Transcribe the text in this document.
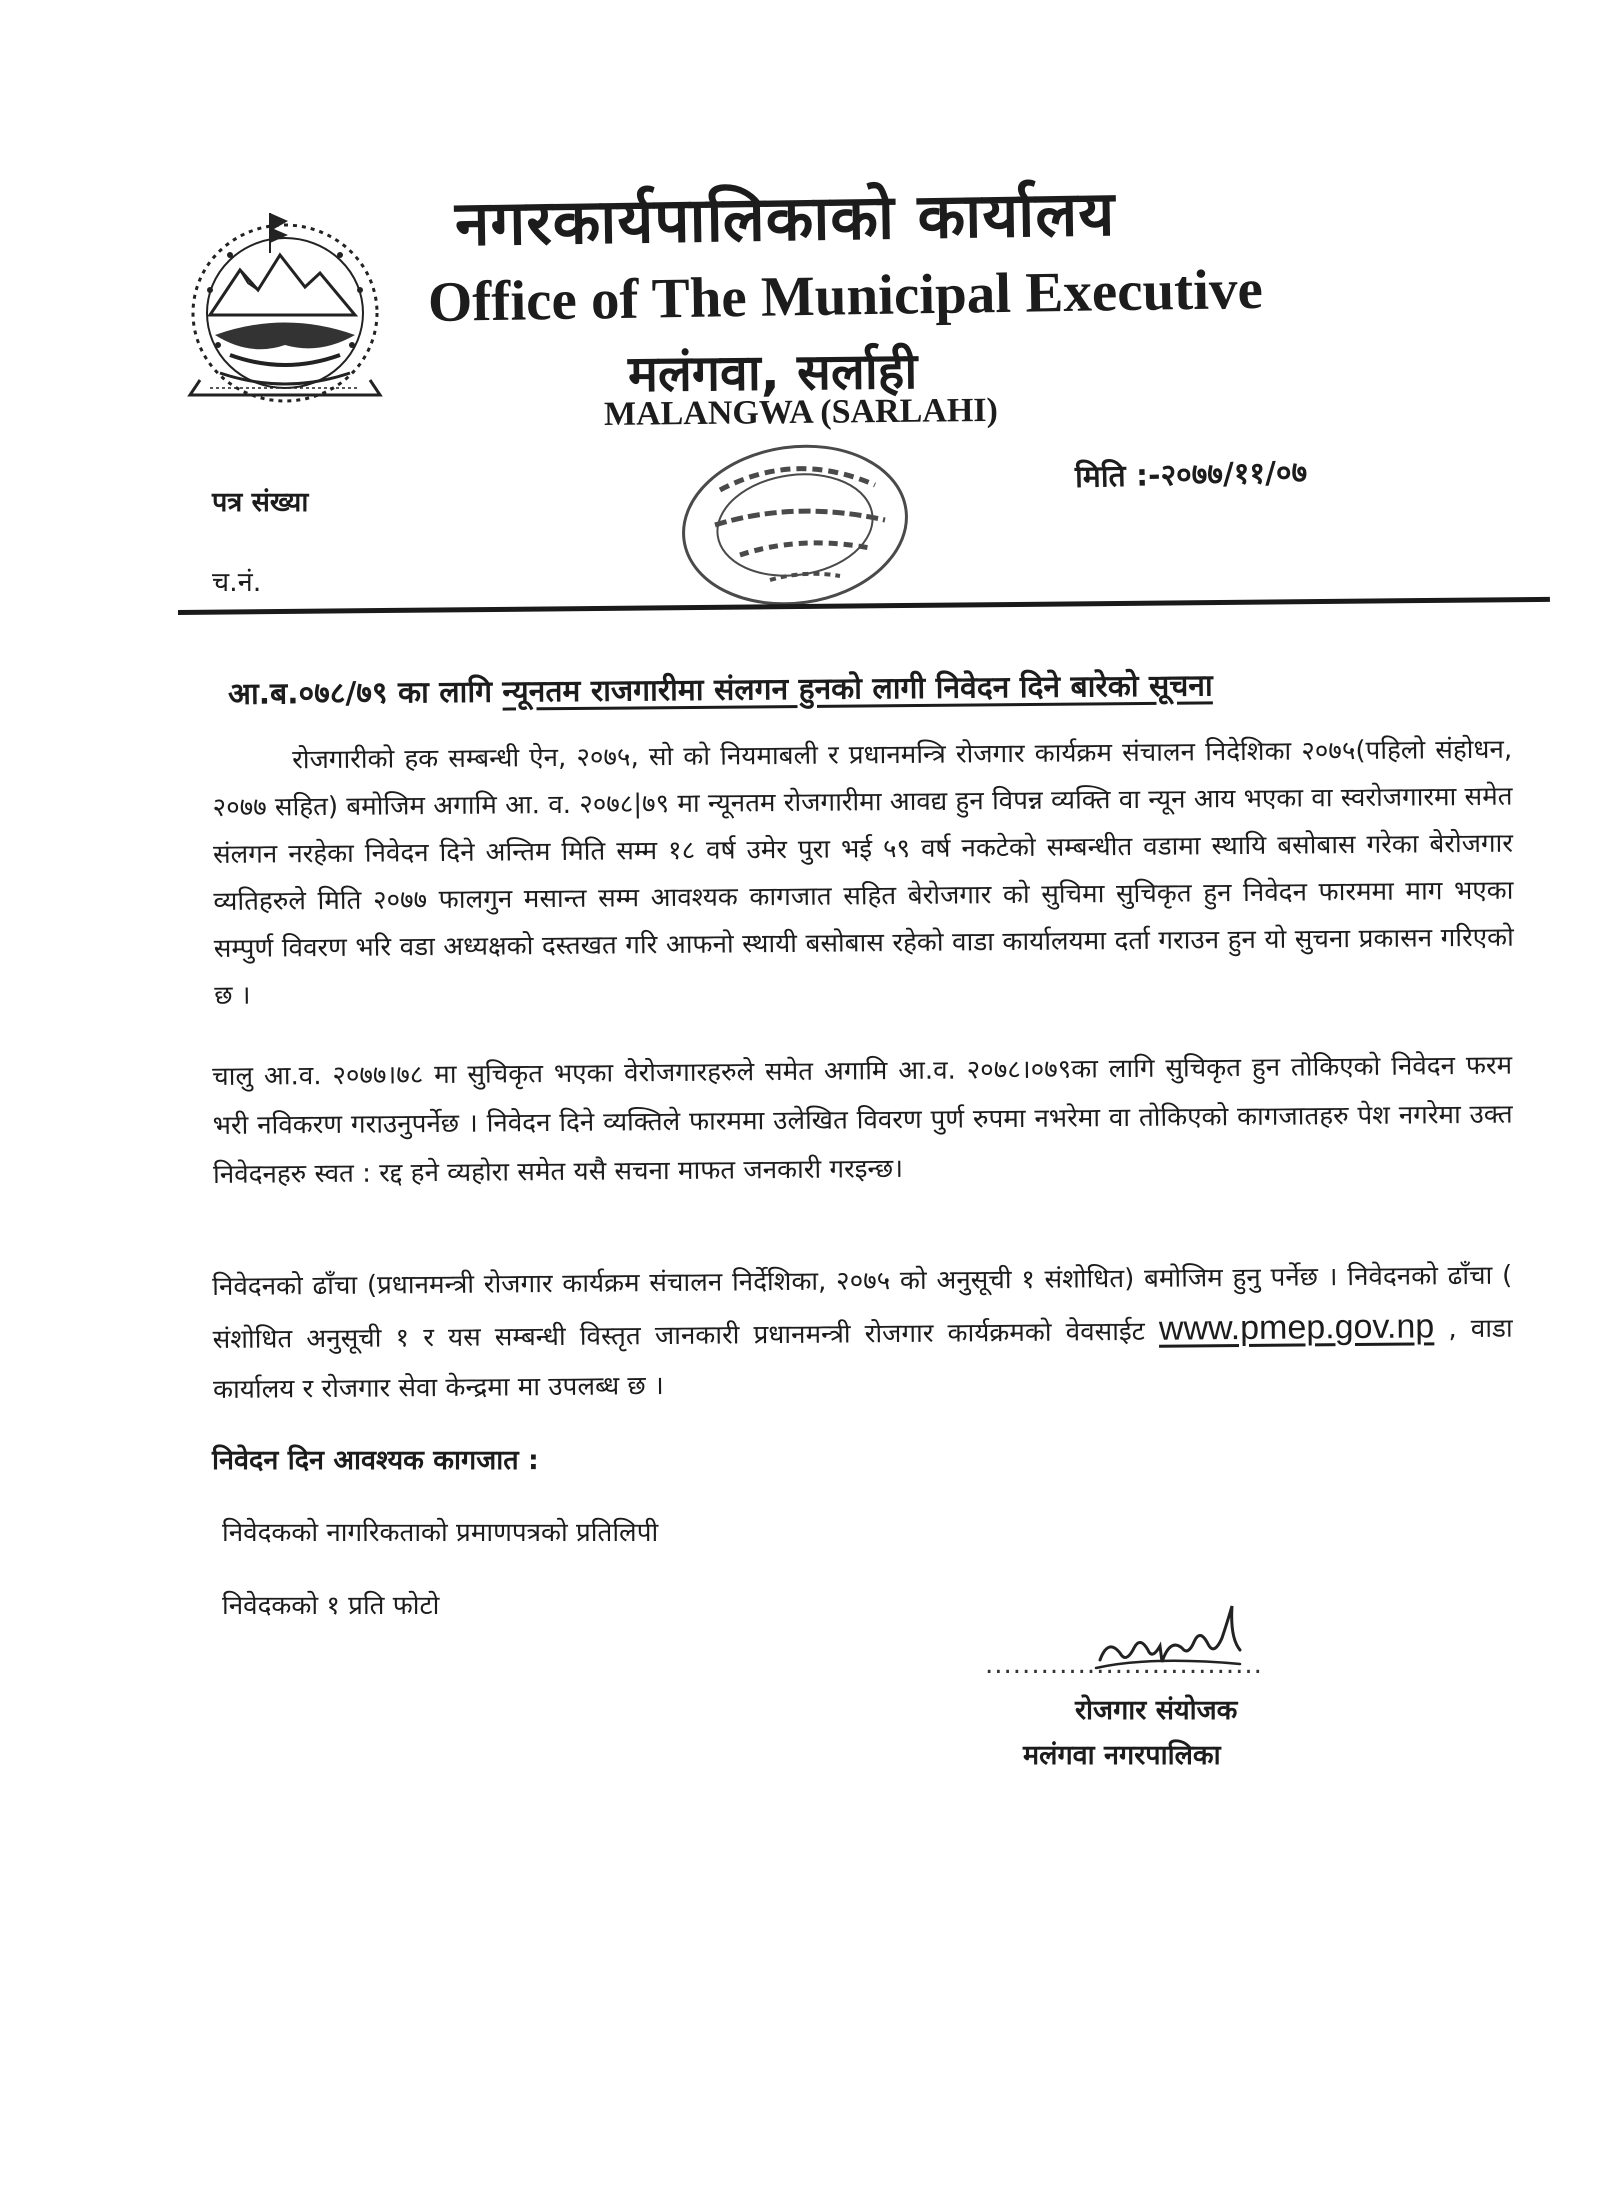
नगरकार्यपालिकाको कार्यालय
Office of The Municipal Executive
मलंगवा, सर्लाही
MALANGWA (SARLAHI)
पत्र संख्या
च.नं.
मिति :-२०७७/११/०७
आ.ब.०७८/७९ का लागि न्यूनतम राजगारीमा संलगन हुनको लागी निवेदन दिने बारेको सूचना
रोजगारीको हक सम्बन्धी ऐन, २०७५, सो को नियमाबली र प्रधानमन्त्रि रोजगार कार्यक्रम संचालन निदेशिका २०७५(पहिलो संहोधन, २०७७ सहित) बमोजिम अगामि आ. व. २०७८|७९ मा न्यूनतम रोजगारीमा आवद्य हुन विपन्न व्यक्ति वा न्यून आय भएका वा स्वरोजगारमा समेत संलगन नरहेका निवेदन दिने अन्तिम मिति सम्म १८ वर्ष उमेर पुरा भई ५९ वर्ष नकटेको सम्बन्धीत वडामा स्थायि बसोबास गरेका बेरोजगार व्यतिहरुले मिति २०७७ फालगुन मसान्त सम्म आवश्यक कागजात सहित बेरोजगार को सुचिमा सुचिकृत हुन निवेदन फारममा माग भएका सम्पुर्ण विवरण भरि वडा अध्यक्षको दस्तखत गरि आफनो स्थायी बसोबास रहेको वाडा कार्यालयमा दर्ता गराउन हुन यो सुचना प्रकासन गरिएको छ ।
चालु आ.व. २०७७।७८ मा सुचिकृत भएका वेरोजगारहरुले समेत अगामि आ.व. २०७८।०७९का लागि सुचिकृत हुन तोकिएको निवेदन फरम भरी नविकरण गराउनुपर्नेछ । निवेदन दिने व्यक्तिले फारममा उलेखित विवरण पुर्ण रुपमा नभरेमा वा तोकिएको कागजातहरु पेश नगरेमा उक्त निवेदनहरु स्वत : रद्द हने व्यहोरा समेत यसै सचना माफत जनकारी गरइन्छ।
निवेदनको ढाँचा (प्रधानमन्त्री रोजगार कार्यक्रम संचालन निर्देशिका, २०७५ को अनुसूची १ संशोधित) बमोजिम हुनु पर्नेछ । निवेदनको ढाँचा ( संशोधित अनुसूची १ र यस सम्बन्धी विस्तृत जानकारी प्रधानमन्त्री रोजगार कार्यक्रमको वेवसाईट www.pmep.gov.np , वाडा कार्यालय र रोजगार सेवा केन्द्रमा मा उपलब्ध छ ।
निवेदन दिन आवश्यक कागजात :
निवेदकको नागरिकताको प्रमाणपत्रको प्रतिलिपी
निवेदकको १ प्रति फोटो
..............................
रोजगार संयोजक
मलंगवा नगरपालिका
